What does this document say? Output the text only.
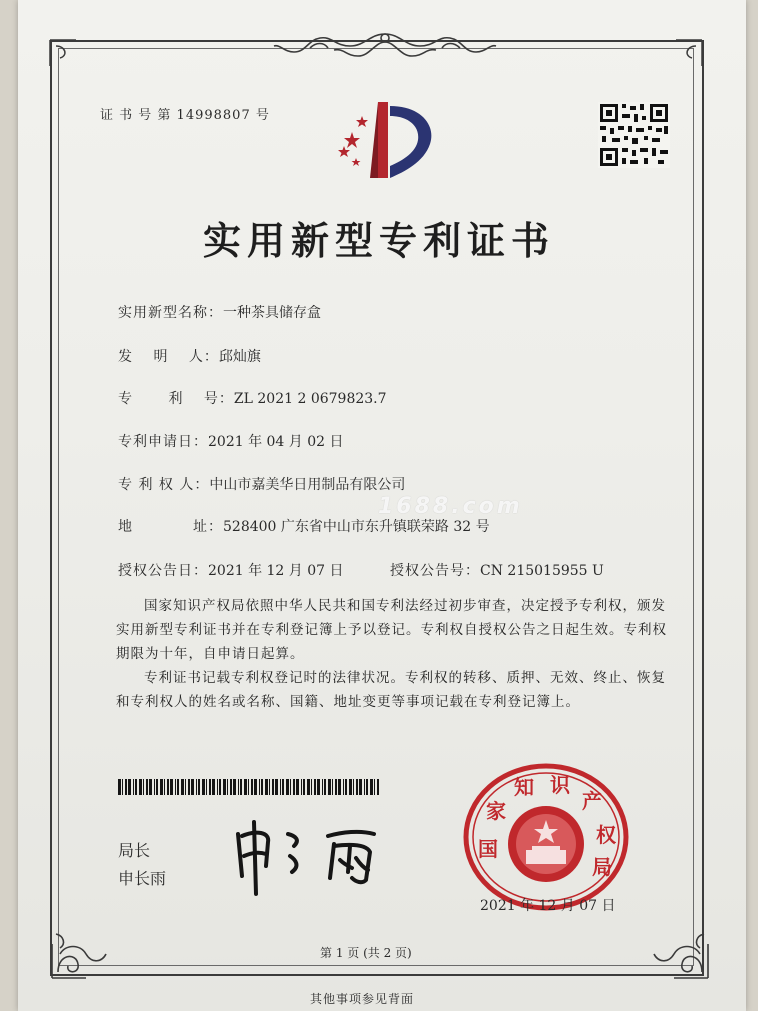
证 书 号 第 14998807 号
实用新型专利证书
实用新型名称：一种茶具储存盒
发　 明　 人：邱灿旗
专　　 利　 号：ZL 2021 2 0679823.7
专利申请日：2021 年 04 月 02 日
专 利 权 人：中山市嘉美华日用制品有限公司
地　　　　址：528400 广东省中山市东升镇联荣路 32 号
授权公告日：2021 年 12 月 07 日	授权公告号：CN 215015955 U
1688.com

国家知识产权局依照中华人民共和国专利法经过初步审查，决定授予专利权，颁发实用新型专利证书并在专利登记簿上予以登记。专利权自授权公告之日起生效。专利权期限为十年，自申请日起算。

专利证书记载专利权登记时的法律状况。专利权的转移、质押、无效、终止、恢复和专利权人的姓名或名称、国籍、地址变更等事项记载在专利登记簿上。

局长
申长雨
国
家
知 识
产
权
局
2021 年 12 月 07 日
第 1 页 (共 2 页)
其他事项参见背面
